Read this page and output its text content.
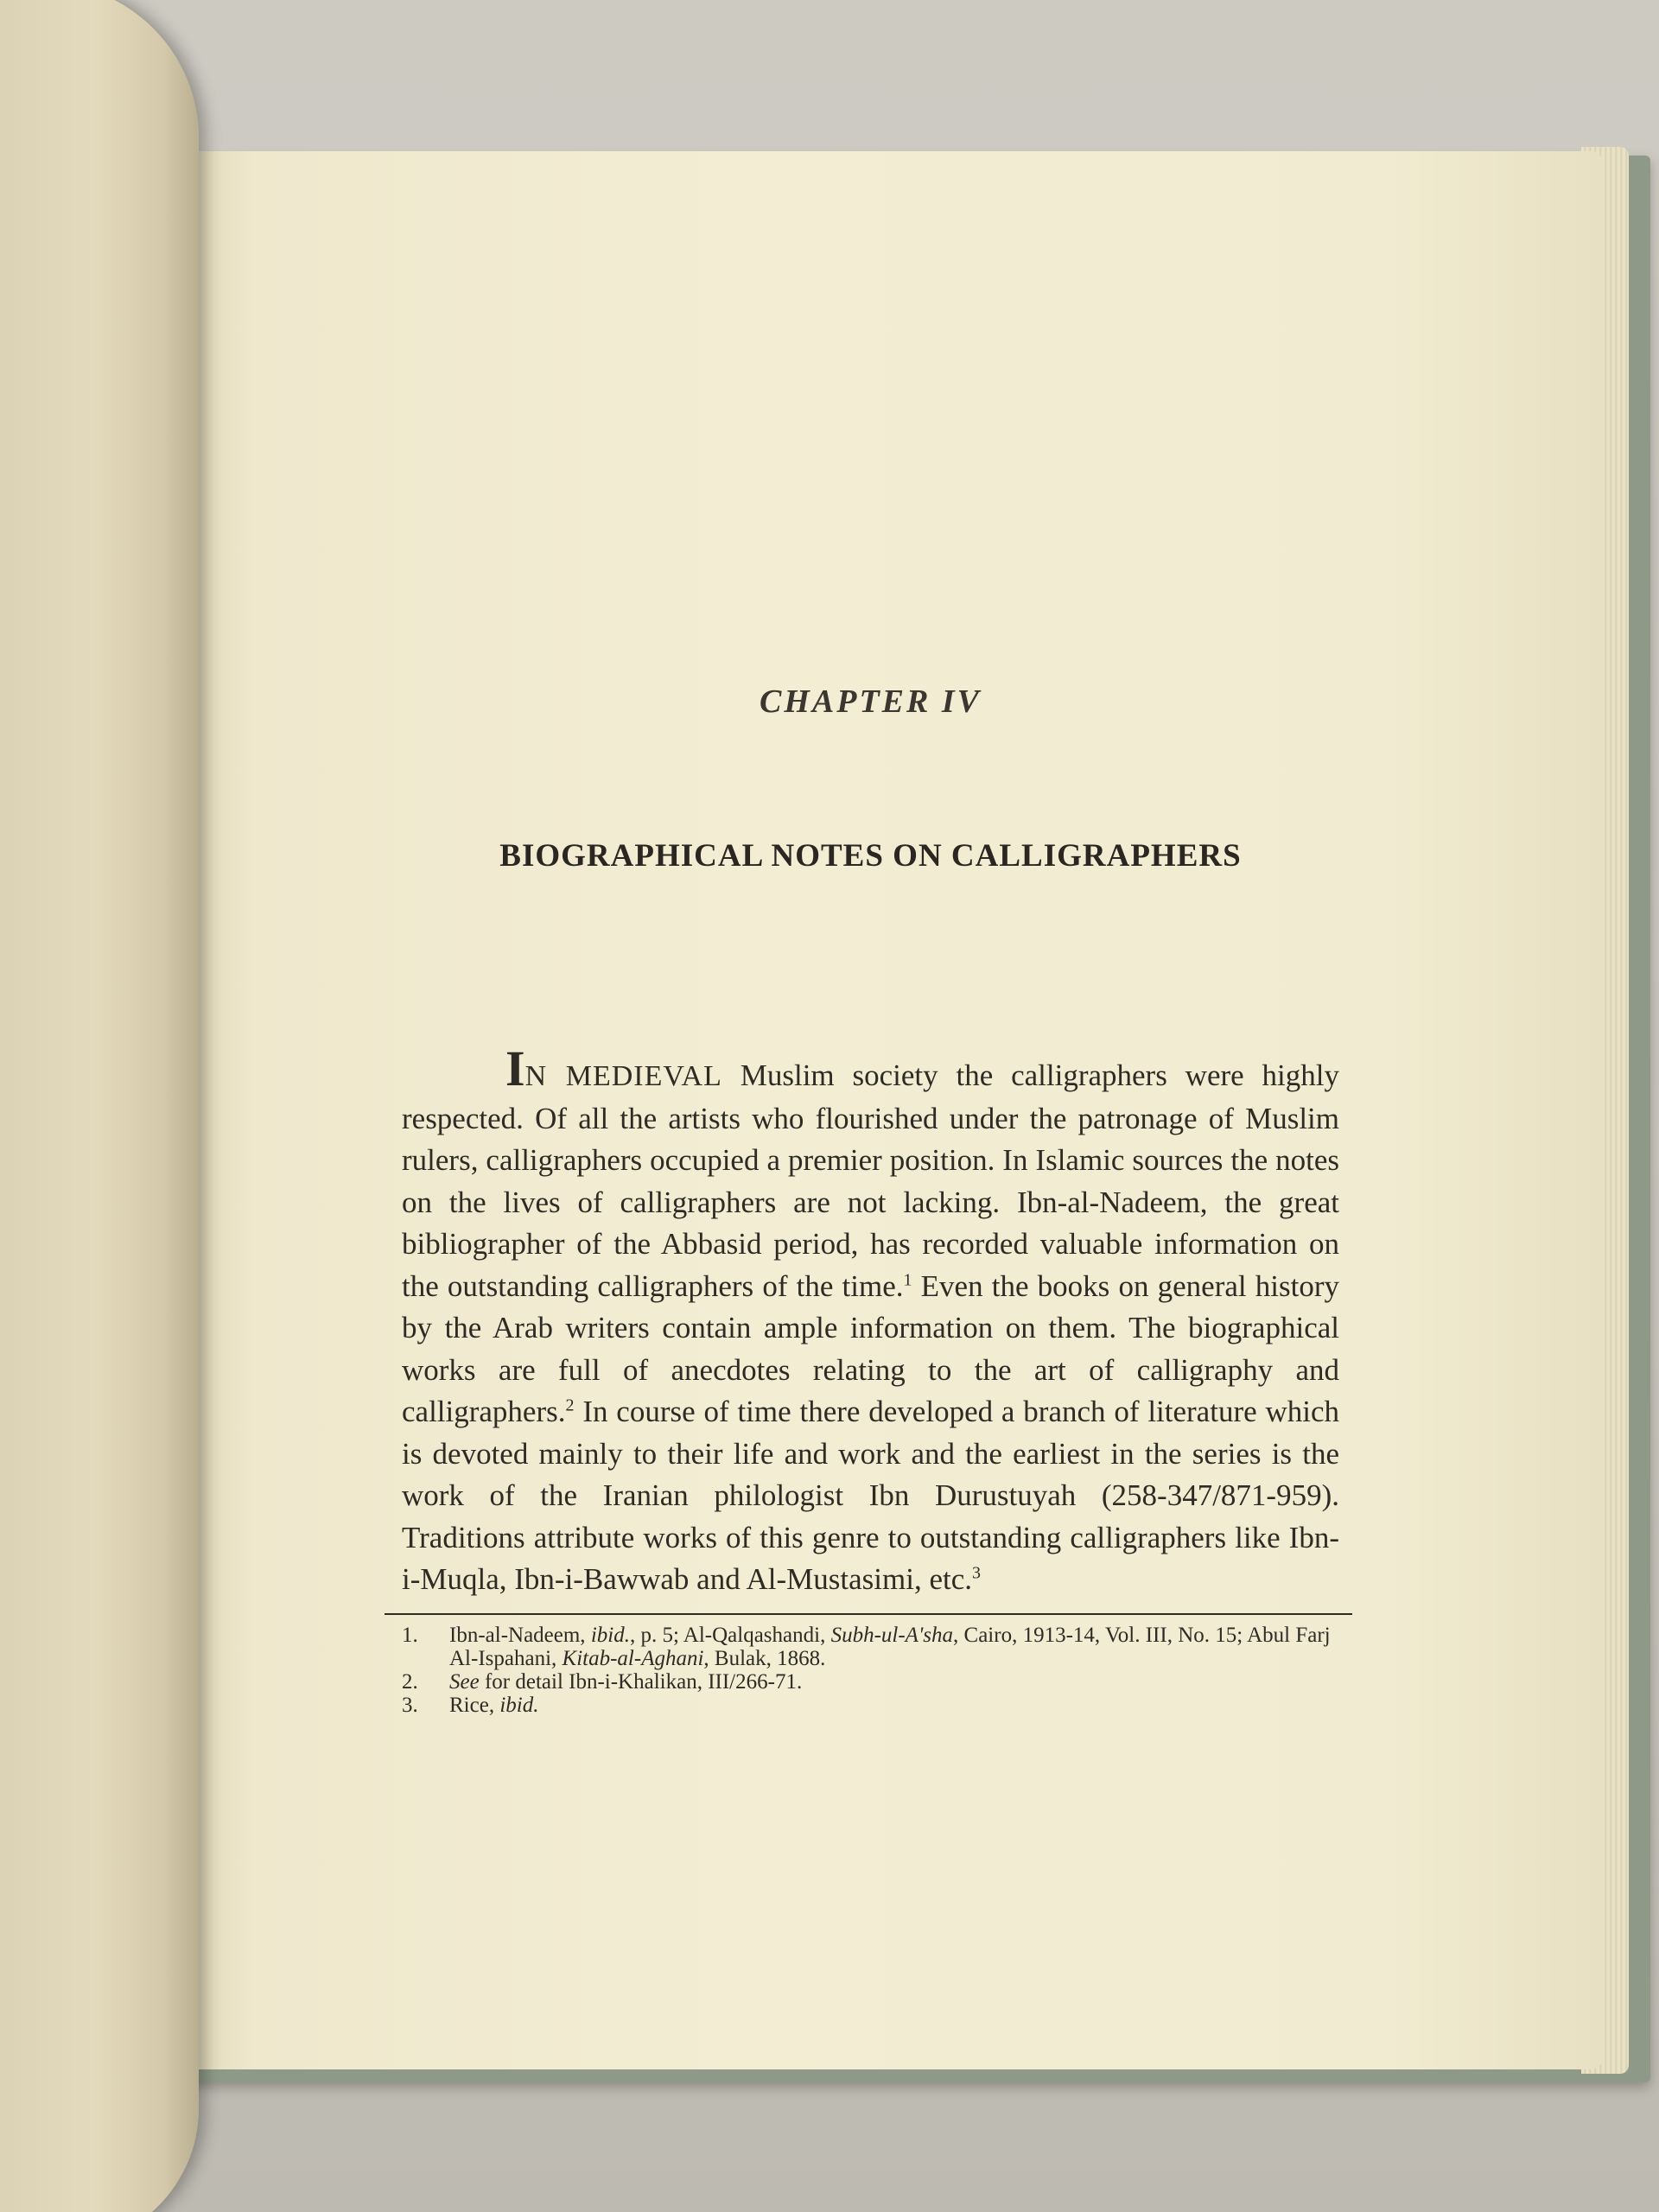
CHAPTER IV
BIOGRAPHICAL NOTES ON CALLIGRAPHERS

IN MEDIEVAL Muslim society the calligraphers were highly respected. Of all the artists who flourished under the patronage of Muslim rulers, calligraphers occupied a premier position. In Islamic sources the notes on the lives of calligraphers are not lacking. Ibn-al-Nadeem, the great bibliographer of the Abbasid period, has recorded valuable information on the outstanding calligraphers of the time.$^1$ Even the books on general history by the Arab writers contain ample information on them. The biographical works are full of anecdotes relating to the art of calligraphy and calligraphers.$^2$ In course of time there developed a branch of literature which is devoted mainly to their life and work and the earliest in the series is the work of the Iranian philologist Ibn Durustuyah (258-347/871-959). Traditions attribute works of this genre to outstanding calligraphers like Ibn-i-Muqla, Ibn-i-Bawwab and Al-Mustasimi, etc.$^3$

1.	Ibn-al-Nadeem, ibid., p. 5; Al-Qalqashandi, Subh-ul-A'sha, Cairo, 1913-14, Vol. III, No. 15; Abul Farj Al-Ispahani, Kitab-al-Aghani, Bulak, 1868.
2.	See for detail Ibn-i-Khalikan, III/266-71.
3.	Rice, ibid.
